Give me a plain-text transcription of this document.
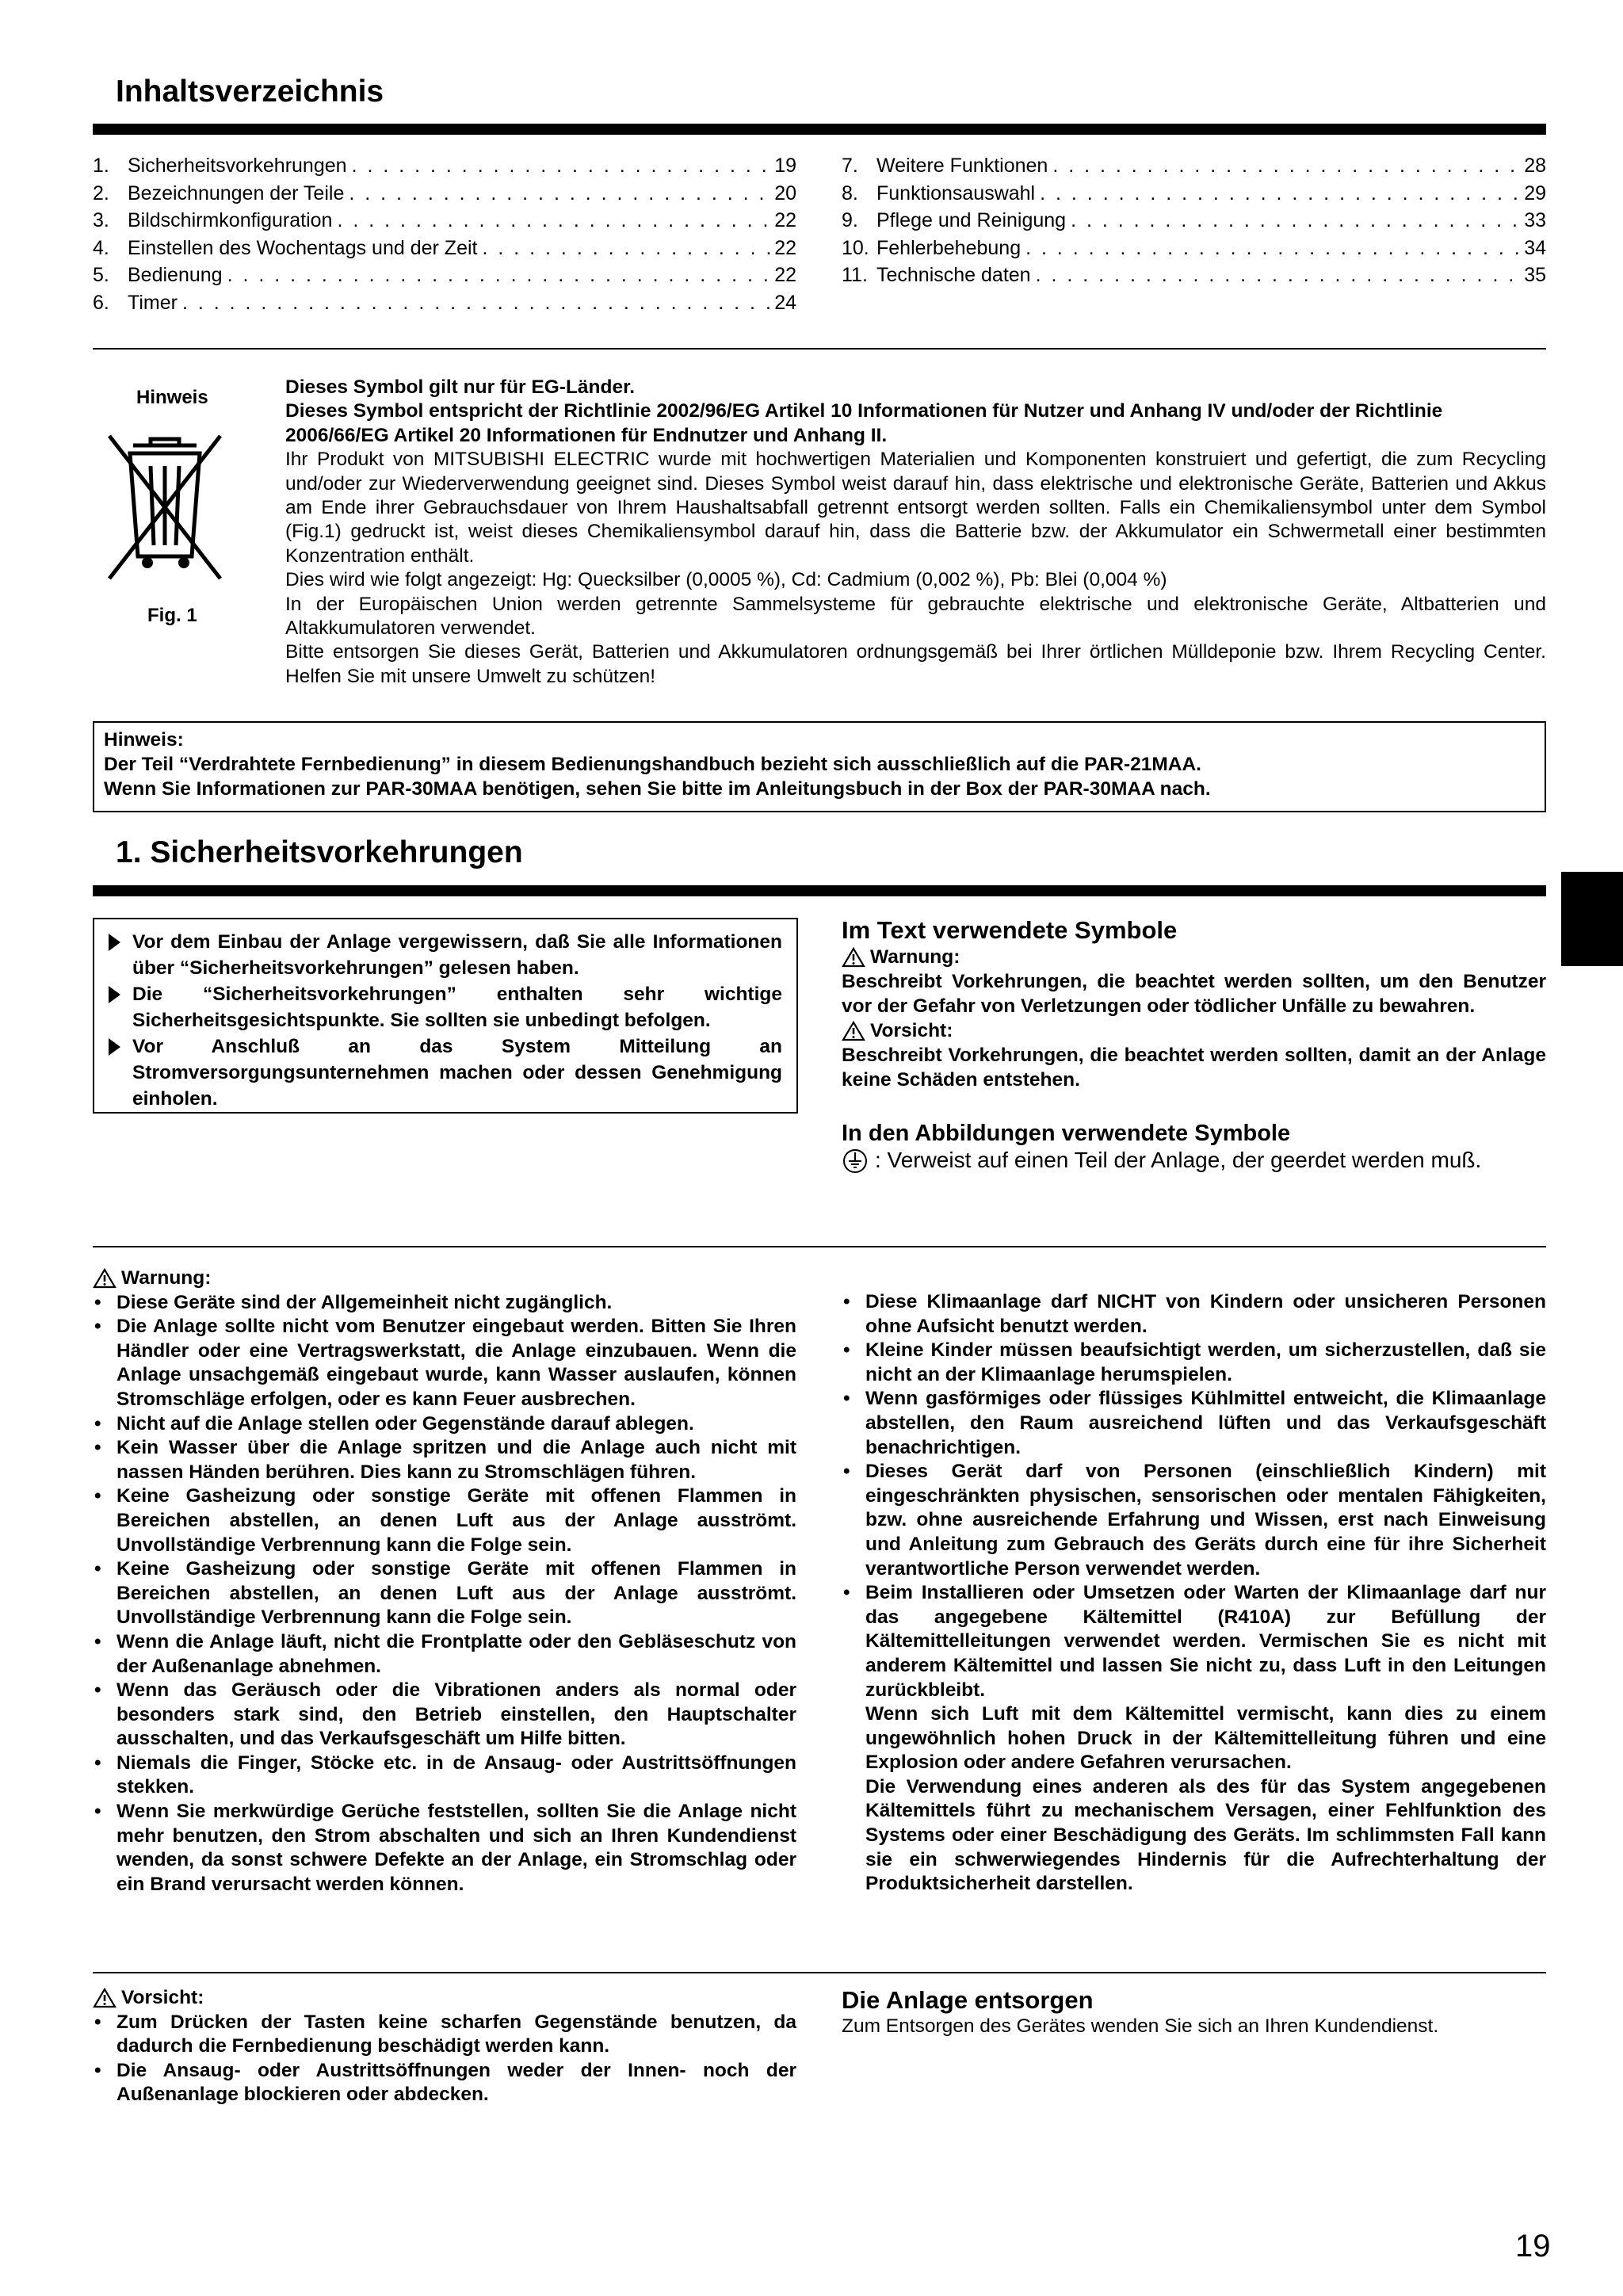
Inhaltsverzeichnis
1. Sicherheitsvorkehrungen . . .	19
2. Bezeichnungen der Teile . . .	20
3. Bildschirmkonfiguration . . .	22
4. Einstellen des Wochentags und der Zeit . . .	22
5. Bedienung . . .	22
6. Timer . . .	24
7. Weitere Funktionen . . .	28
8. Funktionsauswahl . . .	29
9. Pflege und Reinigung . . .	33
10. Fehlerbehebung . . .	34
11. Technische daten . . .	35
Hinweis
Fig. 1

Dieses Symbol gilt nur für EG-Länder.

Dieses Symbol entspricht der Richtlinie 2002/96/EG Artikel 10 Informationen für Nutzer und Anhang IV und/oder der Richtlinie 2006/66/EG Artikel 20 Informationen für Endnutzer und Anhang II.

Ihr Produkt von MITSUBISHI ELECTRIC wurde mit hochwertigen Materialien und Komponenten konstruiert und gefertigt, die zum Recycling und/oder zur Wiederverwendung geeignet sind. Dieses Symbol weist darauf hin, dass elektrische und elektronische Geräte, Batterien und Akkus am Ende ihrer Gebrauchsdauer von Ihrem Haushaltsabfall getrennt entsorgt werden sollten. Falls ein Chemikaliensymbol unter dem Symbol (Fig.1) gedruckt ist, weist dieses Chemikaliensymbol darauf hin, dass die Batterie bzw. der Akkumulator ein Schwermetall einer bestimmten Konzentration enthält.

Dies wird wie folgt angezeigt: Hg: Quecksilber (0,0005 %), Cd: Cadmium (0,002 %), Pb: Blei (0,004 %)

In der Europäischen Union werden getrennte Sammelsysteme für gebrauchte elektrische und elektronische Geräte, Altbatterien und Altakkumulatoren verwendet.

Bitte entsorgen Sie dieses Gerät, Batterien und Akkumulatoren ordnungsgemäß bei Ihrer örtlichen Mülldeponie bzw. Ihrem Recycling Center. Helfen Sie mit unsere Umwelt zu schützen!

Hinweis:

Der Teil “Verdrahtete Fernbedienung” in diesem Bedienungshandbuch bezieht sich ausschließlich auf die PAR-21MAA.

Wenn Sie Informationen zur PAR-30MAA benötigen, sehen Sie bitte im Anleitungsbuch in der Box der PAR-30MAA nach.

1. Sicherheitsvorkehrungen
Vor dem Einbau der Anlage vergewissern, daß Sie alle Informationen über “Sicherheitsvorkehrungen” gelesen haben.
Die “Sicherheitsvorkehrungen” enthalten sehr wichtige Sicherheitsgesichtspunkte. Sie sollten sie unbedingt befolgen.
Vor Anschluß an das System Mitteilung an Stromversorgungsunternehmen machen oder dessen Genehmigung einholen.
Im Text verwendete Symbole
Warnung:

Beschreibt Vorkehrungen, die beachtet werden sollten, um den Benutzer vor der Gefahr von Verletzungen oder tödlicher Unfälle zu bewahren.

Vorsicht:

Beschreibt Vorkehrungen, die beachtet werden sollten, damit an der Anlage keine Schäden entstehen.

In den Abbildungen verwendete Symbole
: Verweist auf einen Teil der Anlage, der geerdet werden muß.
Warnung:
• Diese Geräte sind der Allgemeinheit nicht zugänglich.
• Die Anlage sollte nicht vom Benutzer eingebaut werden. Bitten Sie Ihren Händler oder eine Vertragswerkstatt, die Anlage einzubauen. Wenn die Anlage unsachgemäß eingebaut wurde, kann Wasser auslaufen, können Stromschläge erfolgen, oder es kann Feuer ausbrechen.
• Nicht auf die Anlage stellen oder Gegenstände darauf ablegen.
• Kein Wasser über die Anlage spritzen und die Anlage auch nicht mit nassen Händen berühren. Dies kann zu Stromschlägen führen.
• Keine Gasheizung oder sonstige Geräte mit offenen Flammen in Bereichen abstellen, an denen Luft aus der Anlage ausströmt. Unvollständige Verbrennung kann die Folge sein.
• Keine Gasheizung oder sonstige Geräte mit offenen Flammen in Bereichen abstellen, an denen Luft aus der Anlage ausströmt. Unvollständige Verbrennung kann die Folge sein.
• Wenn die Anlage läuft, nicht die Frontplatte oder den Gebläseschutz von der Außenanlage abnehmen.
• Wenn das Geräusch oder die Vibrationen anders als normal oder besonders stark sind, den Betrieb einstellen, den Hauptschalter ausschalten, und das Verkaufsgeschäft um Hilfe bitten.
• Niemals die Finger, Stöcke etc. in de Ansaug- oder Austrittsöffnungen stekken.
• Wenn Sie merkwürdige Gerüche feststellen, sollten Sie die Anlage nicht mehr benutzen, den Strom abschalten und sich an Ihren Kundendienst wenden, da sonst schwere Defekte an der Anlage, ein Stromschlag oder ein Brand verursacht werden können.
• Diese Klimaanlage darf NICHT von Kindern oder unsicheren Personen ohne Aufsicht benutzt werden.
• Kleine Kinder müssen beaufsichtigt werden, um sicherzustellen, daß sie nicht an der Klimaanlage herumspielen.
• Wenn gasförmiges oder flüssiges Kühlmittel entweicht, die Klimaanlage abstellen, den Raum ausreichend lüften und das Verkaufsgeschäft benachrichtigen.
• Dieses Gerät darf von Personen (einschließlich Kindern) mit eingeschränkten physischen, sensorischen oder mentalen Fähigkeiten, bzw. ohne ausreichende Erfahrung und Wissen, erst nach Einweisung und Anleitung zum Gebrauch des Geräts durch eine für ihre Sicherheit verantwortliche Person verwendet werden.
• Beim Installieren oder Umsetzen oder Warten der Klimaanlage darf nur das angegebene Kältemittel (R410A) zur Befüllung der Kältemittelleitungen verwendet werden. Vermischen Sie es nicht mit anderem Kältemittel und lassen Sie nicht zu, dass Luft in den Leitungen zurückbleibt.
Wenn sich Luft mit dem Kältemittel vermischt, kann dies zu einem ungewöhnlich hohen Druck in der Kältemittelleitung führen und eine Explosion oder andere Gefahren verursachen.
Die Verwendung eines anderen als des für das System angegebenen Kältemittels führt zu mechanischem Versagen, einer Fehlfunktion des Systems oder einer Beschädigung des Geräts. Im schlimmsten Fall kann sie ein schwerwiegendes Hindernis für die Aufrechterhaltung der Produktsicherheit darstellen.
Vorsicht:
• Zum Drücken der Tasten keine scharfen Gegenstände benutzen, da dadurch die Fernbedienung beschädigt werden kann.
• Die Ansaug- oder Austrittsöffnungen weder der Innen- noch der Außenanlage blockieren oder abdecken.
Die Anlage entsorgen
Zum Entsorgen des Gerätes wenden Sie sich an Ihren Kundendienst.
19
